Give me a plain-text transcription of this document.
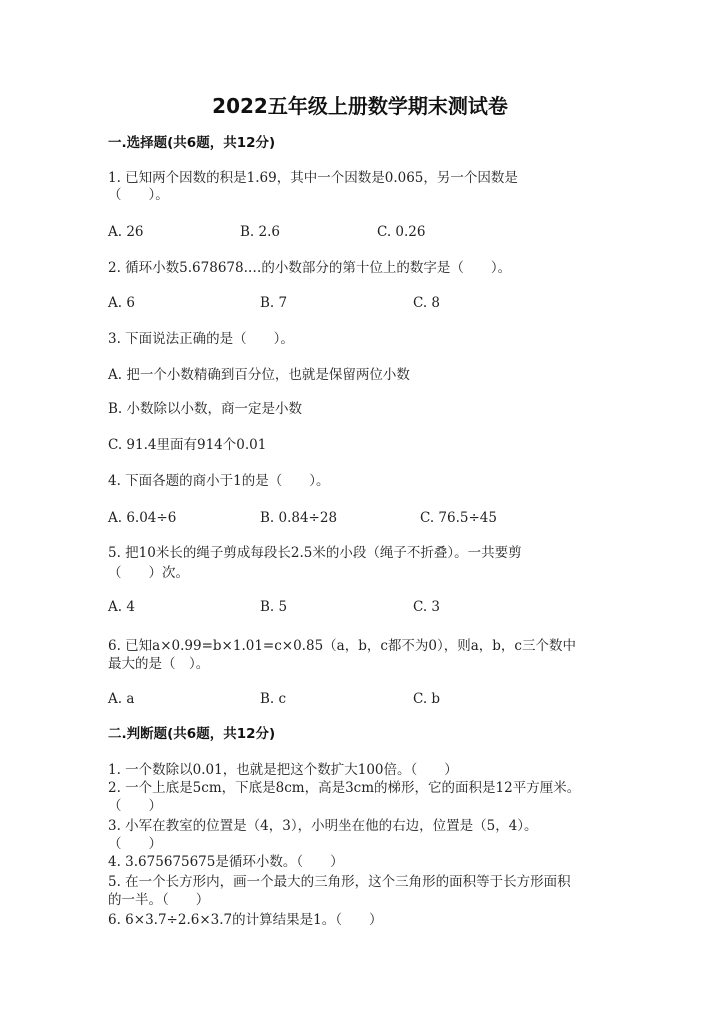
2022五年级上册数学期末测试卷
一.选择题(共6题，共12分)
1. 已知两个因数的积是1.69，其中一个因数是0.065，另一个因数是
（　　）。
A. 26	B. 2.6	C. 0.26
2. 循环小数5.678678.…的小数部分的第十位上的数字是（　　）。
A. 6	B. 7	C. 8
3. 下面说法正确的是（　　）。
A. 把一个小数精确到百分位，也就是保留两位小数
B. 小数除以小数，商一定是小数
C. 91.4里面有914个0.01
4. 下面各题的商小于1的是（　　）。
A. 6.04÷6	B. 0.84÷28	C. 76.5÷45
5. 把10米长的绳子剪成每段长2.5米的小段（绳子不折叠）。一共要剪
（　　）次。
A. 4	B. 5	C. 3
6. 已知a×0.99=b×1.01=c×0.85（a，b，c都不为0），则a，b，c三个数中
最大的是（　）。
A. a	B. c	C. b
二.判断题(共6题，共12分)
1. 一个数除以0.01，也就是把这个数扩大100倍。（　　）
2. 一个上底是5cm，下底是8cm，高是3cm的梯形，它的面积是12平方厘米。
（　　）
3. 小军在教室的位置是（4，3），小明坐在他的右边，位置是（5，4）。
（　　）
4. 3.675675675是循环小数。（　　）
5. 在一个长方形内，画一个最大的三角形，这个三角形的面积等于长方形面积
的一半。（　　）
6. 6×3.7÷2.6×3.7的计算结果是1。（　　）
